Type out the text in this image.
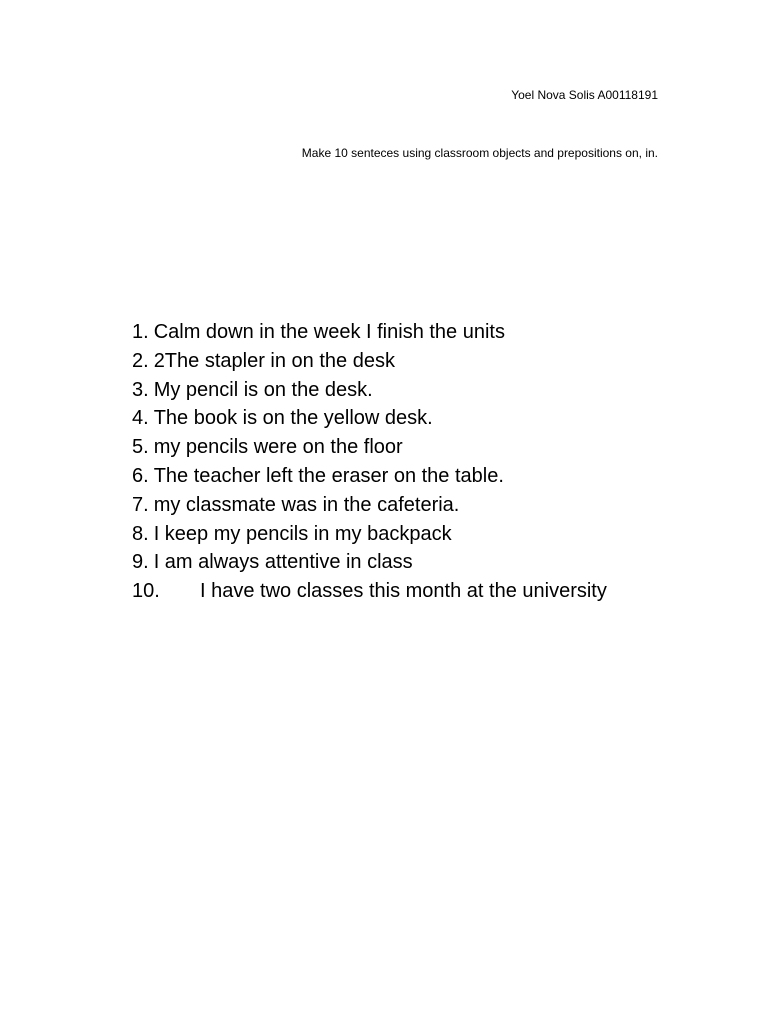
Yoel Nova Solis A00118191
Make 10 senteces using classroom objects and prepositions on, in.
1. Calm down in the week I finish the units
2. 2The stapler in on the desk
3. My pencil is on the desk.
4. The book is on the yellow desk.
5. my pencils were on the floor
6. The teacher left the eraser on the table.
7. my classmate was in the cafeteria.
8. I keep my pencils in my backpack
9. I am always attentive in class
10.	I have two classes this month at the university
